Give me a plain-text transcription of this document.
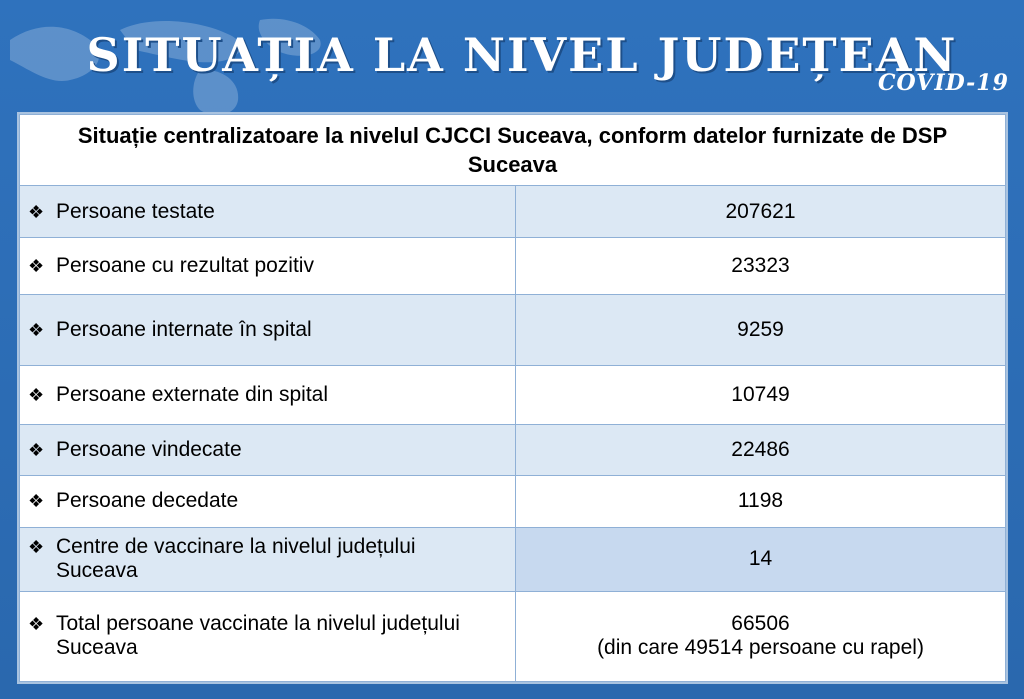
SITUAȚIA LA NIVEL JUDEȚEAN
COVID-19
Situație centralizatoare la nivelul CJCCI Suceava, conform datelor furnizate de DSP Suceava	
❖ Persoane testate	207621
❖ Persoane cu rezultat pozitiv	23323
❖ Persoane internate în spital	9259
❖ Persoane externate din spital	10749
❖ Persoane vindecate	22486
❖ Persoane decedate	1198
❖ Centre de vaccinare la nivelul județului Suceava	14
❖ Total persoane vaccinate la nivelul județului Suceava	66506
(din care 49514 persoane cu rapel)
